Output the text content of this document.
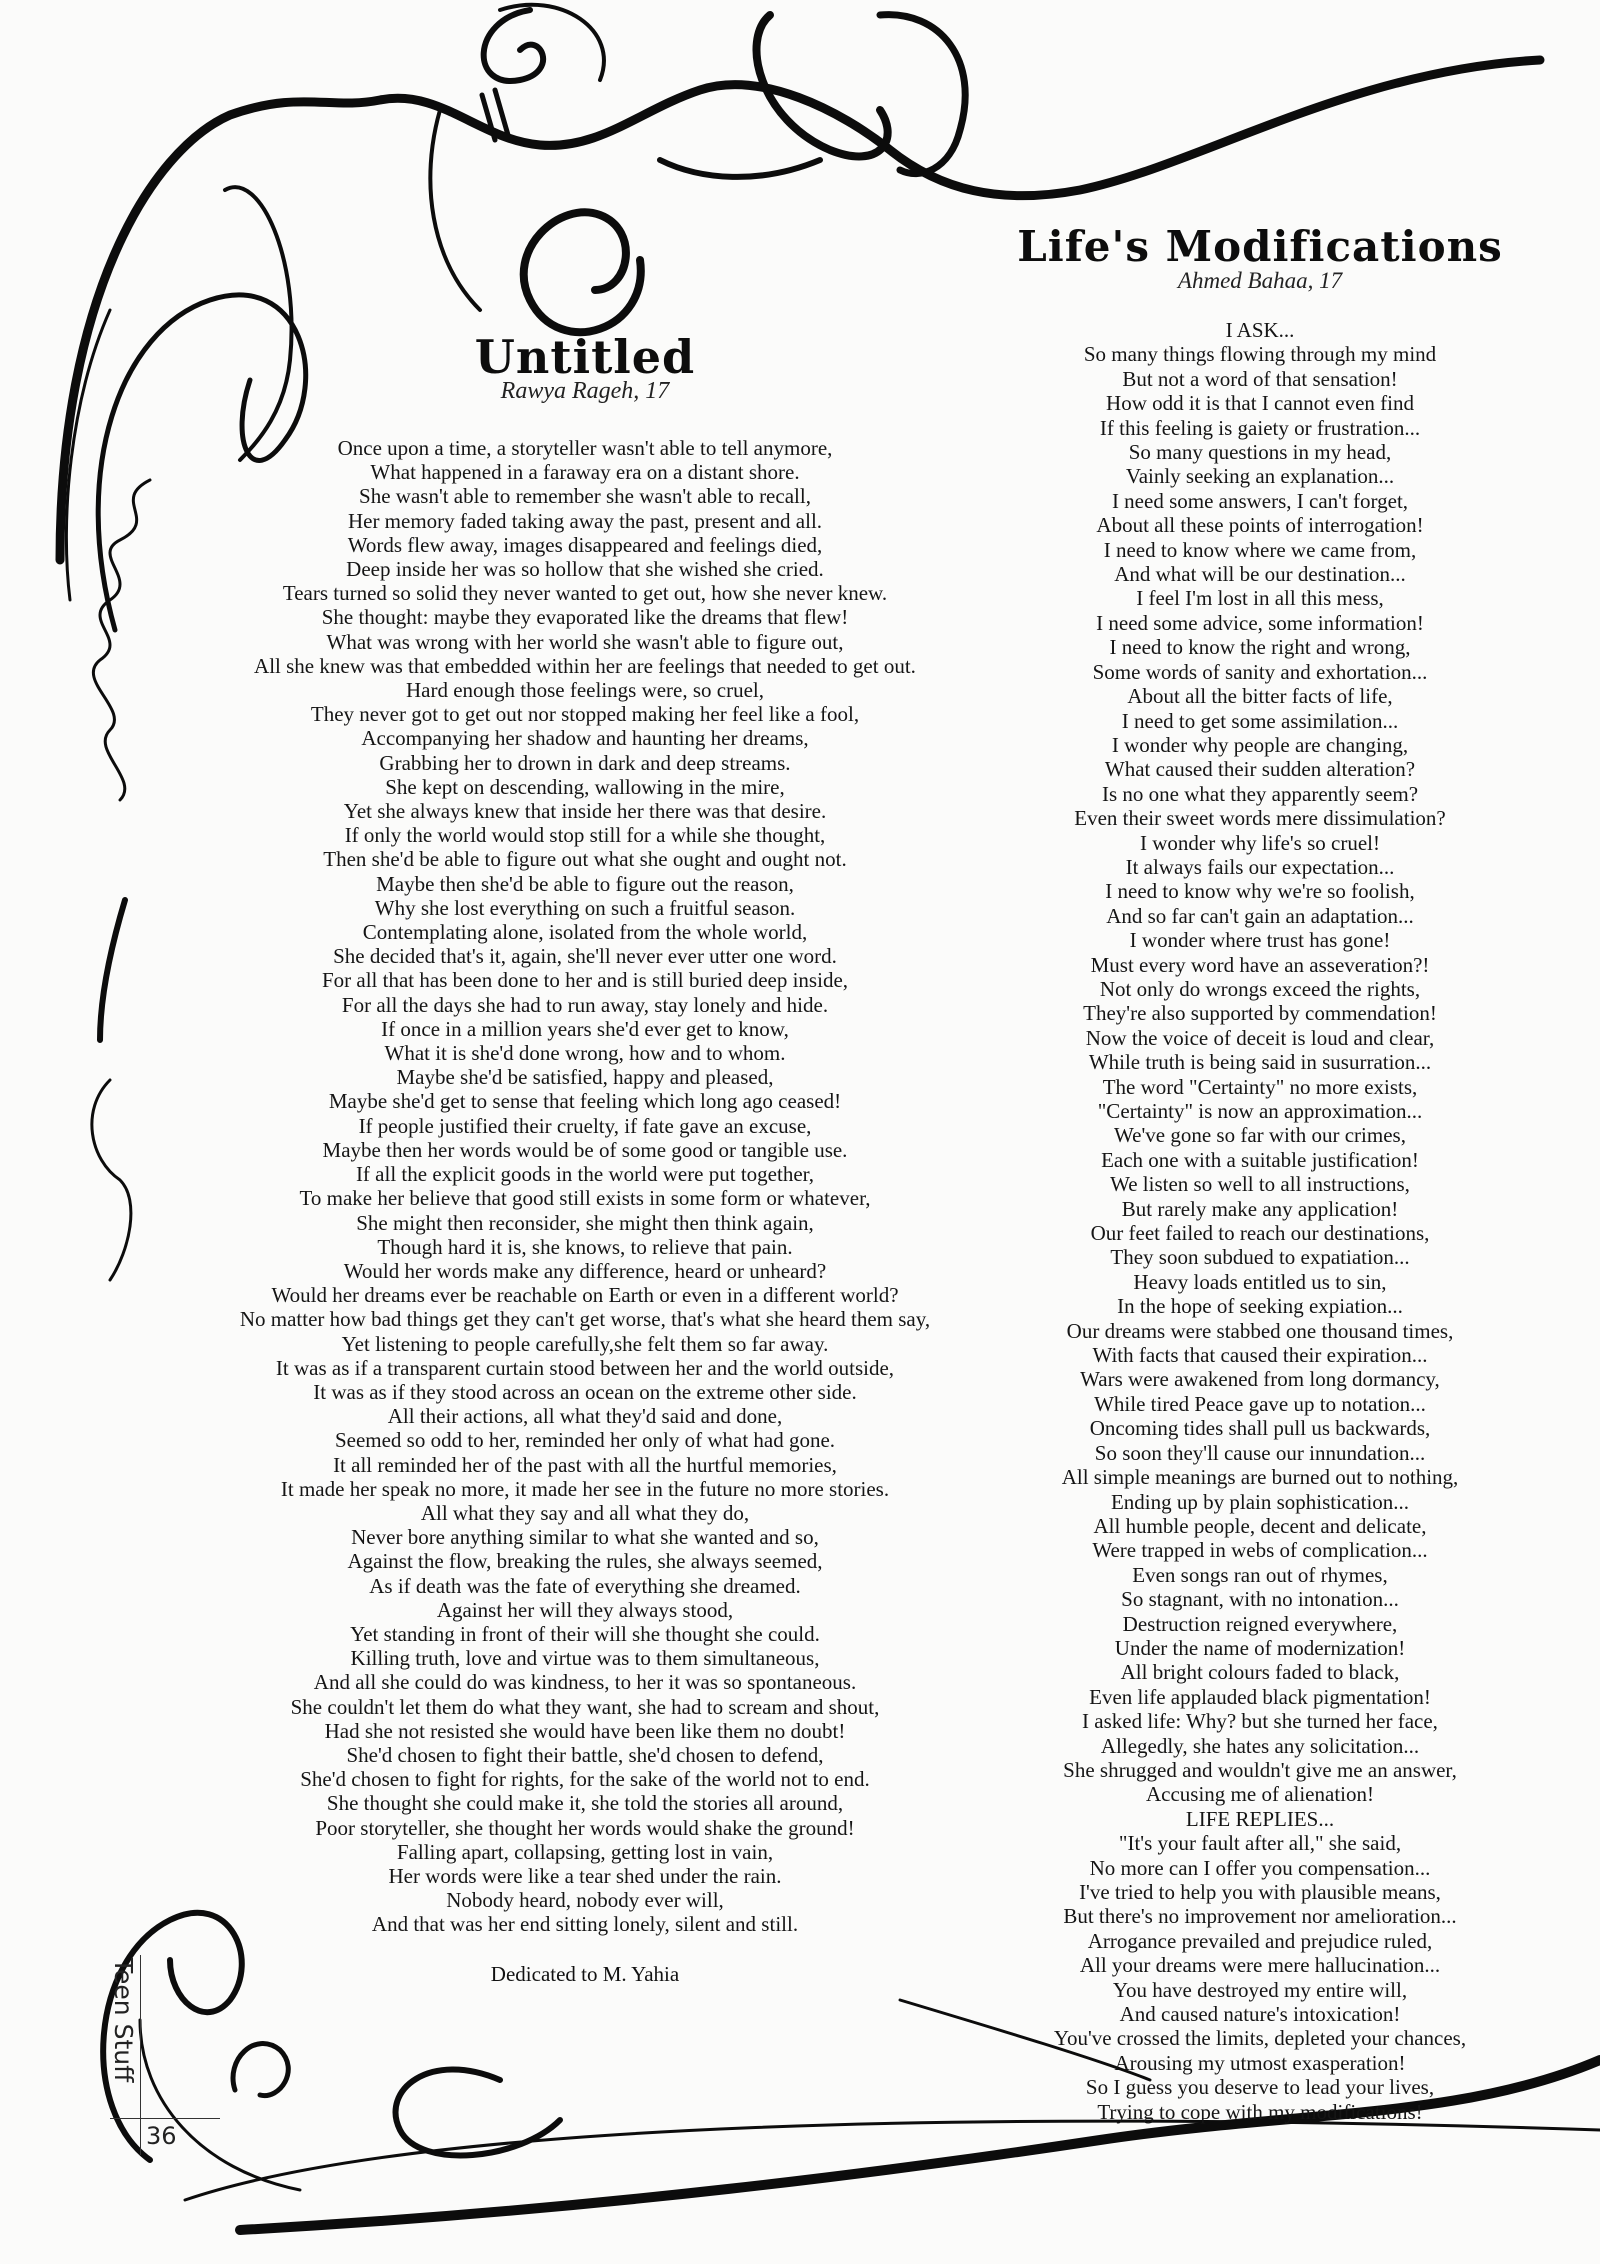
Untitled
Rawya Rageh, 17
Once upon a time, a storyteller wasn't able to tell anymore,
What happened in a faraway era on a distant shore.
She wasn't able to remember she wasn't able to recall,
Her memory faded taking away the past, present and all.
Words flew away, images disappeared and feelings died,
Deep inside her was so hollow that she wished she cried.
Tears turned so solid they never wanted to get out, how she never knew.
She thought: maybe they evaporated like the dreams that flew!
What was wrong with her world she wasn't able to figure out,
All she knew was that embedded within her are feelings that needed to get out.
Hard enough those feelings were, so cruel,
They never got to get out nor stopped making her feel like a fool,
Accompanying her shadow and haunting her dreams,
Grabbing her to drown in dark and deep streams.
She kept on descending, wallowing in the mire,
Yet she always knew that inside her there was that desire.
If only the world would stop still for a while she thought,
Then she'd be able to figure out what she ought and ought not.
Maybe then she'd be able to figure out the reason,
Why she lost everything on such a fruitful season.
Contemplating alone, isolated from the whole world,
She decided that's it, again, she'll never ever utter one word.
For all that has been done to her and is still buried deep inside,
For all the days she had to run away, stay lonely and hide.
If once in a million years she'd ever get to know,
What it is she'd done wrong, how and to whom.
Maybe she'd be satisfied, happy and pleased,
Maybe she'd get to sense that feeling which long ago ceased!
If people justified their cruelty, if fate gave an excuse,
Maybe then her words would be of some good or tangible use.
If all the explicit goods in the world were put together,
To make her believe that good still exists in some form or whatever,
She might then reconsider, she might then think again,
Though hard it is, she knows, to relieve that pain.
Would her words make any difference, heard or unheard?
Would her dreams ever be reachable on Earth or even in a different world?
No matter how bad things get they can't get worse, that's what she heard them say,
Yet listening to people carefully,she felt them so far away.
It was as if a transparent curtain stood between her and the world outside,
It was as if they stood across an ocean on the extreme other side.
All their actions, all what they'd said and done,
Seemed so odd to her, reminded her only of what had gone.
It all reminded her of the past with all the hurtful memories,
It made her speak no more, it made her see in the future no more stories.
All what they say and all what they do,
Never bore anything similar to what she wanted and so,
Against the flow, breaking the rules, she always seemed,
As if death was the fate of everything she dreamed.
Against her will they always stood,
Yet standing in front of their will she thought she could.
Killing truth, love and virtue was to them simultaneous,
And all she could do was kindness, to her it was so spontaneous.
She couldn't let them do what they want, she had to scream and shout,
Had she not resisted she would have been like them no doubt!
She'd chosen to fight their battle, she'd chosen to defend,
She'd chosen to fight for rights, for the sake of the world not to end.
She thought she could make it, she told the stories all around,
Poor storyteller, she thought her words would shake the ground!
Falling apart, collapsing, getting lost in vain,
Her words were like a tear shed under the rain.
Nobody heard, nobody ever will,
And that was her end sitting lonely, silent and still.
Dedicated to M. Yahia
Life's Modifications
Ahmed Bahaa, 17
I ASK...
So many things flowing through my mind
But not a word of that sensation!
How odd it is that I cannot even find
If this feeling is gaiety or frustration...
So many questions in my head,
Vainly seeking an explanation...
I need some answers, I can't forget,
About all these points of interrogation!
I need to know where we came from,
And what will be our destination...
I feel I'm lost in all this mess,
I need some advice, some information!
I need to know the right and wrong,
Some words of sanity and exhortation...
About all the bitter facts of life,
I need to get some assimilation...
I wonder why people are changing,
What caused their sudden alteration?
Is no one what they apparently seem?
Even their sweet words mere dissimulation?
I wonder why life's so cruel!
It always fails our expectation...
I need to know why we're so foolish,
And so far can't gain an adaptation...
I wonder where trust has gone!
Must every word have an asseveration?!
Not only do wrongs exceed the rights,
They're also supported by commendation!
Now the voice of deceit is loud and clear,
While truth is being said in susurration...
The word "Certainty" no more exists,
"Certainty" is now an approximation...
We've gone so far with our crimes,
Each one with a suitable justification!
We listen so well to all instructions,
But rarely make any application!
Our feet failed to reach our destinations,
They soon subdued to expatiation...
Heavy loads entitled us to sin,
In the hope of seeking expiation...
Our dreams were stabbed one thousand times,
With facts that caused their expiration...
Wars were awakened from long dormancy,
While tired Peace gave up to notation...
Oncoming tides shall pull us backwards,
So soon they'll cause our innundation...
All simple meanings are burned out to nothing,
Ending up by plain sophistication...
All humble people, decent and delicate,
Were trapped in webs of complication...
Even songs ran out of rhymes,
So stagnant, with no intonation...
Destruction reigned everywhere,
Under the name of modernization!
All bright colours faded to black,
Even life applauded black pigmentation!
I asked life: Why? but she turned her face,
Allegedly, she hates any solicitation...
She shrugged and wouldn't give me an answer,
Accusing me of alienation!
LIFE REPLIES...
"It's your fault after all," she said,
No more can I offer you compensation...
I've tried to help you with plausible means,
But there's no improvement nor amelioration...
Arrogance prevailed and prejudice ruled,
All your dreams were mere hallucination...
You have destroyed my entire will,
And caused nature's intoxication!
You've crossed the limits, depleted your chances,
Arousing my utmost exasperation!
So I guess you deserve to lead your lives,
Trying to cope with my modifications!
Teen Stuff
36
